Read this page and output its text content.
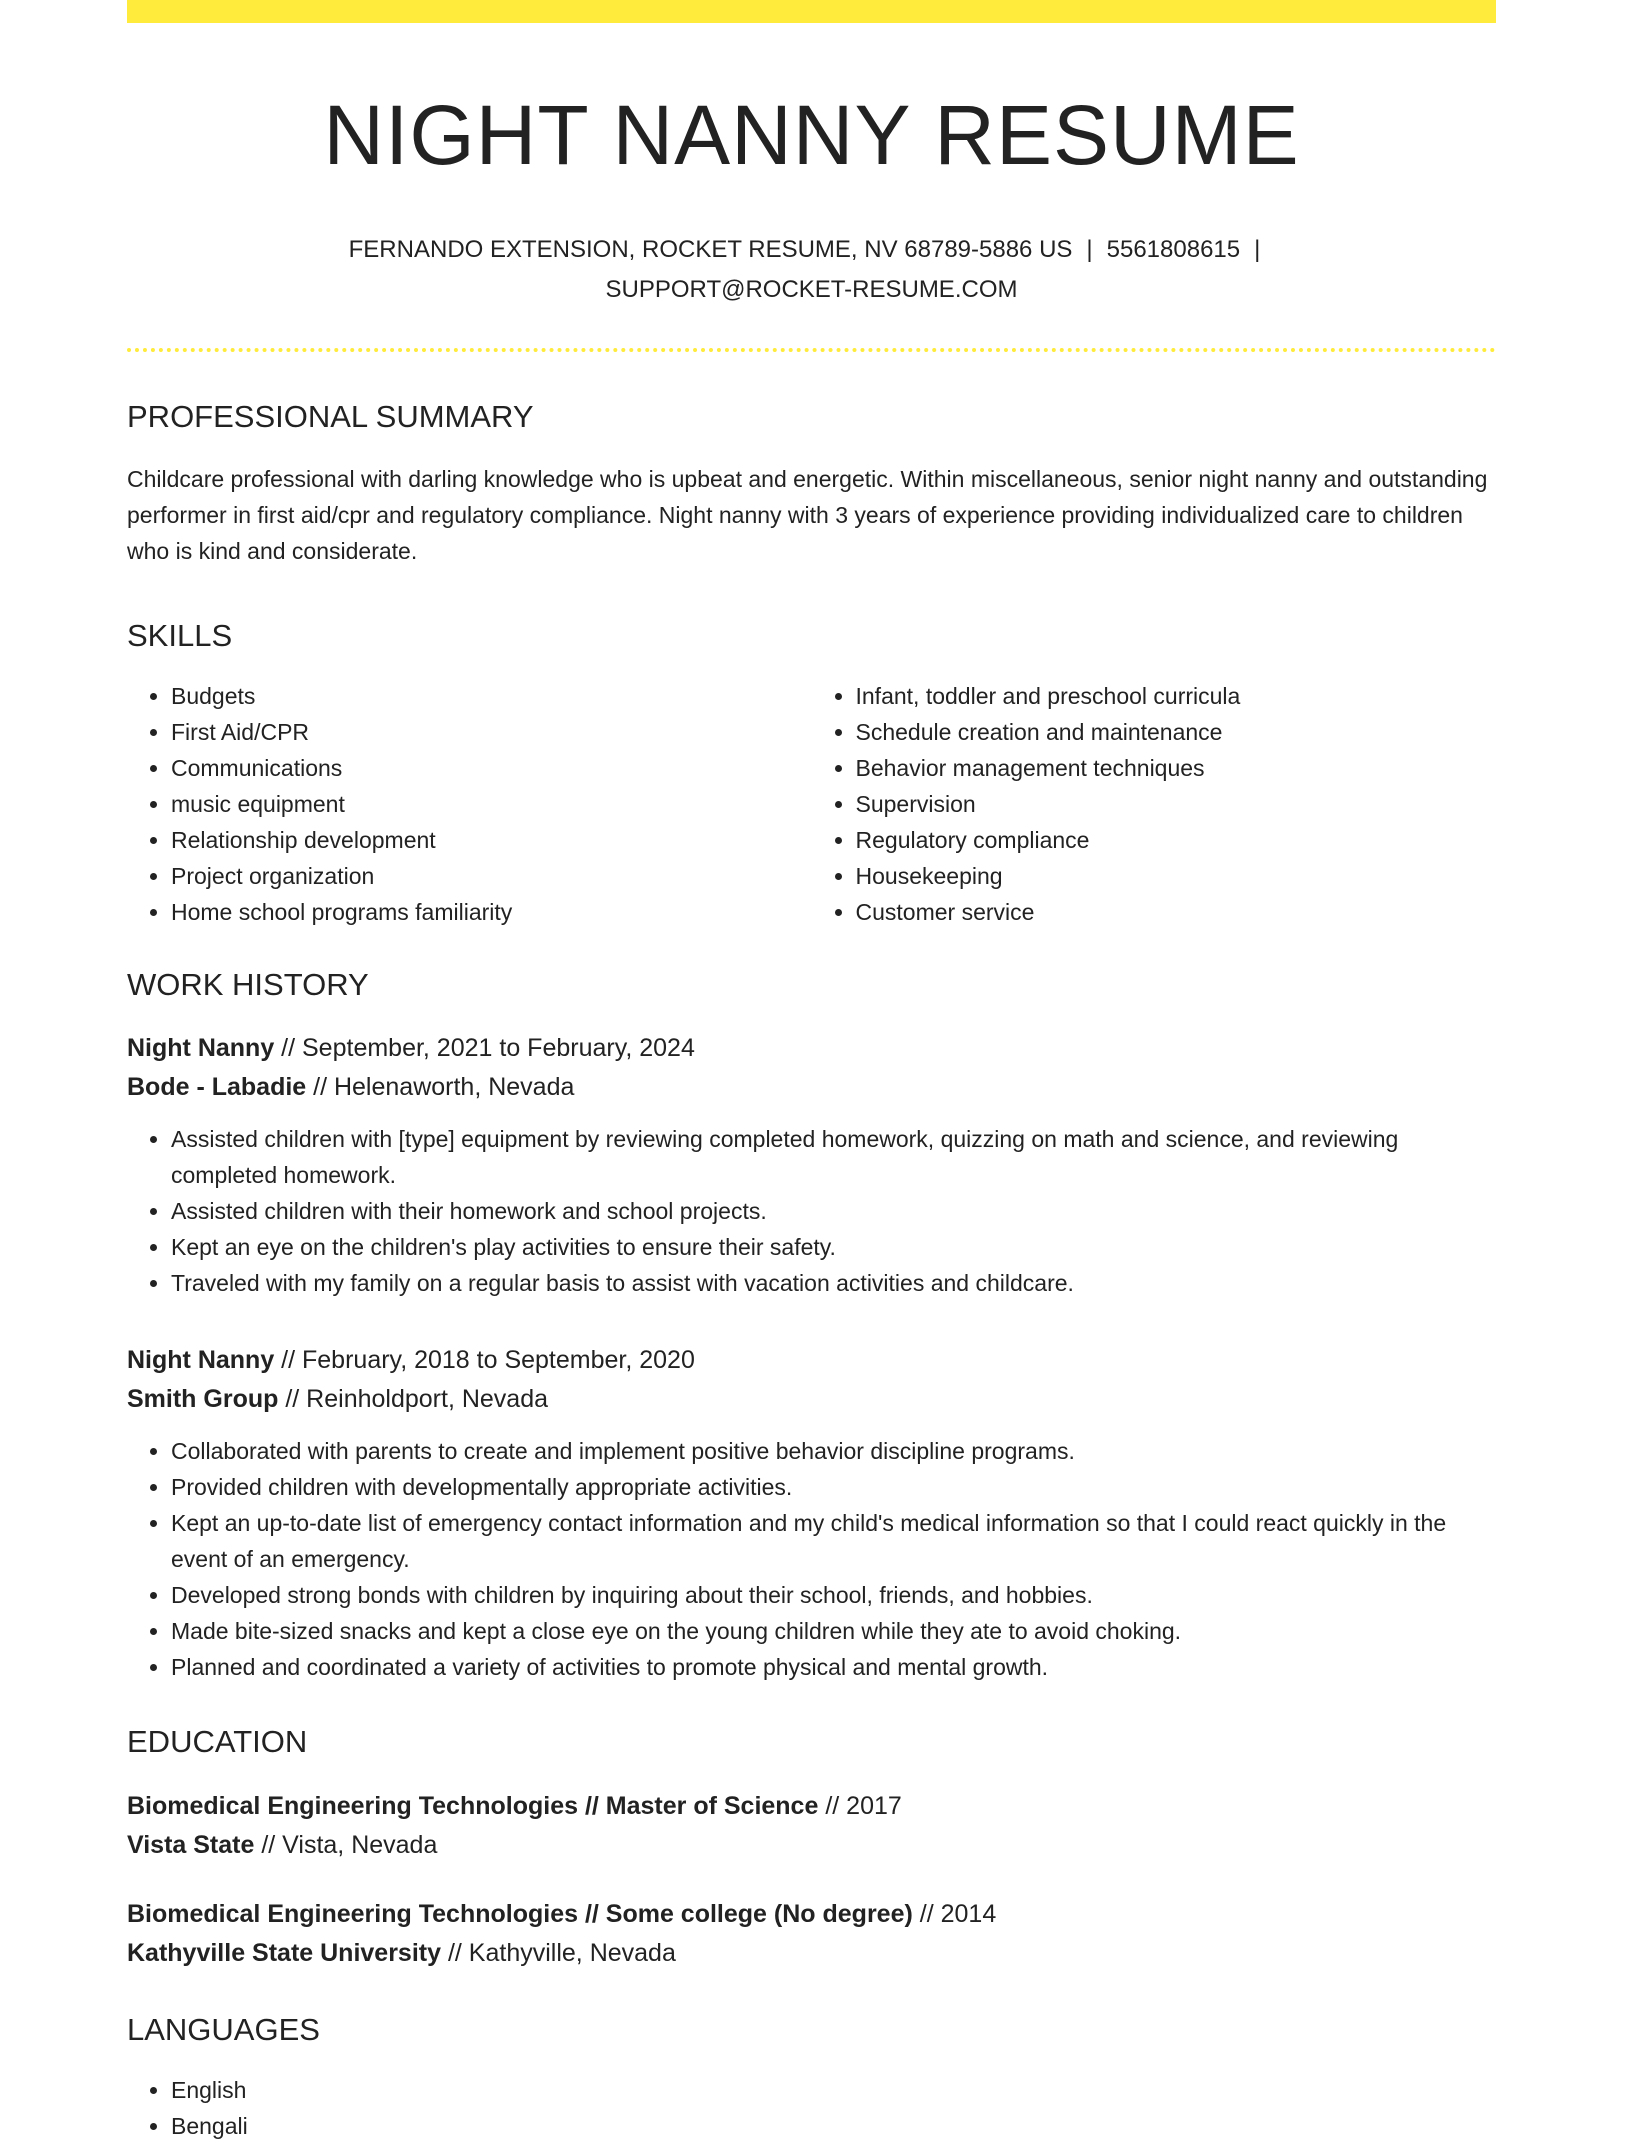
NIGHT NANNY RESUME
FERNANDO EXTENSION, ROCKET RESUME, NV 68789-5886 US | 5561808615 |
SUPPORT@ROCKET-RESUME.COM
PROFESSIONAL SUMMARY

Childcare professional with darling knowledge who is upbeat and energetic. Within miscellaneous, senior night nanny and outstanding performer in first aid/cpr and regulatory compliance. Night nanny with 3 years of experience providing individualized care to children who is kind and considerate.

SKILLS
• Budgets
• First Aid/CPR
• Communications
• music equipment
• Relationship development
• Project organization
• Home school programs familiarity
• Infant, toddler and preschool curricula
• Schedule creation and maintenance
• Behavior management techniques
• Supervision
• Regulatory compliance
• Housekeeping
• Customer service
WORK HISTORY
Night Nanny // September, 2021 to February, 2024
Bode - Labadie // Helenaworth, Nevada
• Assisted children with [type] equipment by reviewing completed homework, quizzing on math and science, and reviewing completed homework.
• Assisted children with their homework and school projects.
• Kept an eye on the children's play activities to ensure their safety.
• Traveled with my family on a regular basis to assist with vacation activities and childcare.
Night Nanny // February, 2018 to September, 2020
Smith Group // Reinholdport, Nevada
• Collaborated with parents to create and implement positive behavior discipline programs.
• Provided children with developmentally appropriate activities.
• Kept an up-to-date list of emergency contact information and my child's medical information so that I could react quickly in the event of an emergency.
• Developed strong bonds with children by inquiring about their school, friends, and hobbies.
• Made bite-sized snacks and kept a close eye on the young children while they ate to avoid choking.
• Planned and coordinated a variety of activities to promote physical and mental growth.
EDUCATION
Biomedical Engineering Technologies // Master of Science // 2017
Vista State // Vista, Nevada
Biomedical Engineering Technologies // Some college (No degree) // 2014
Kathyville State University // Kathyville, Nevada
LANGUAGES
• English
• Bengali
